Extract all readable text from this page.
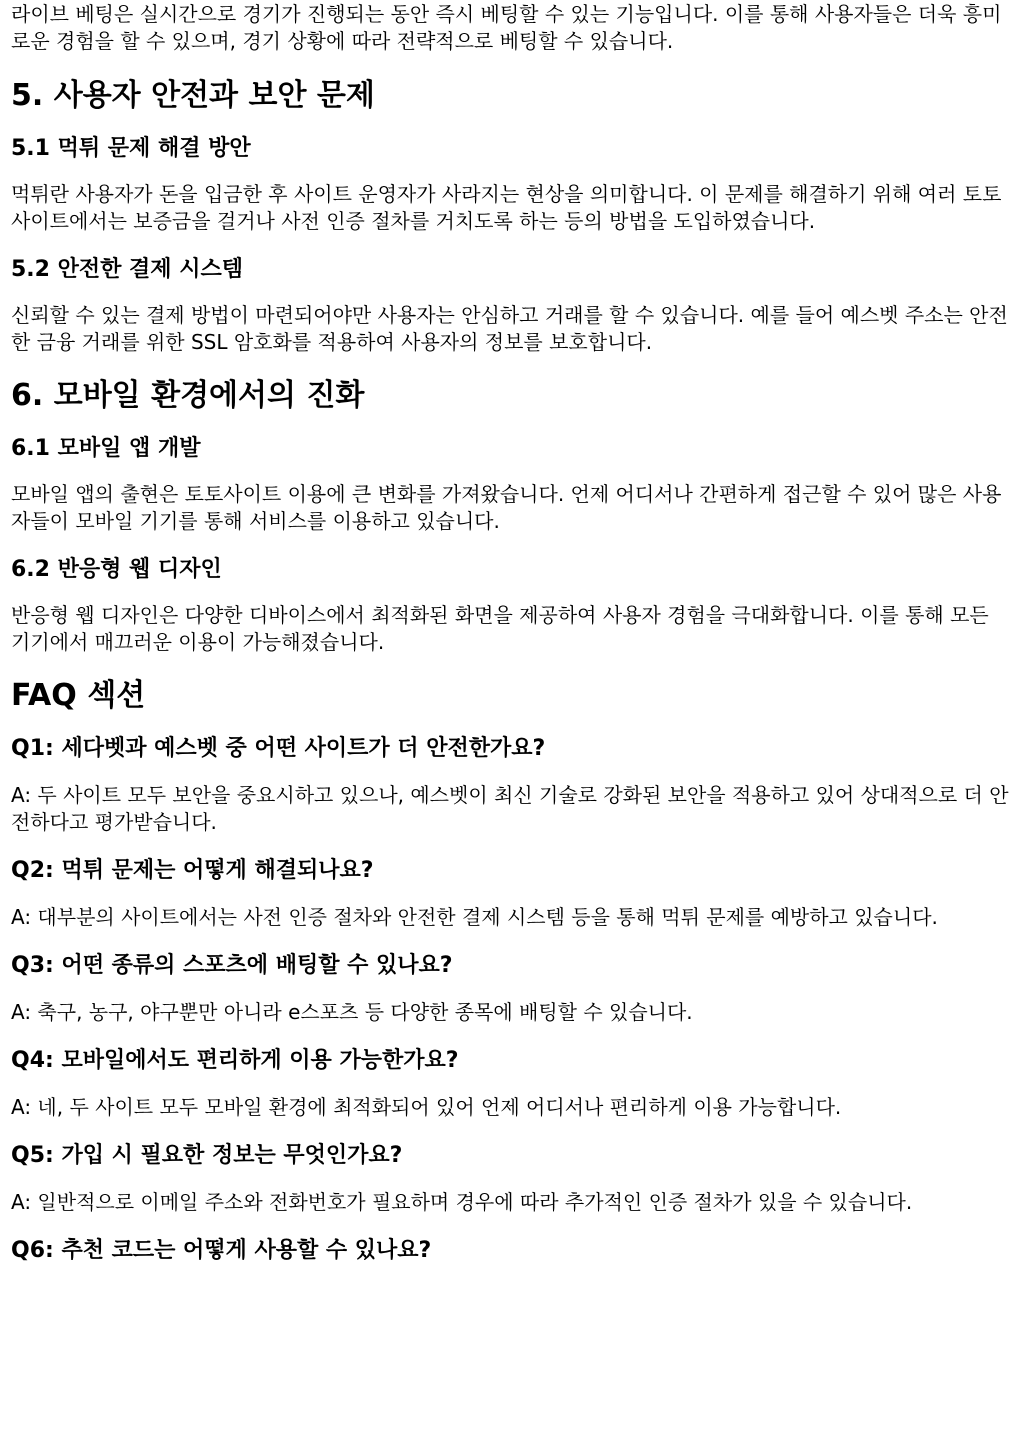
라이브 베팅은 실시간으로 경기가 진행되는 동안 즉시 베팅할 수 있는 기능입니다. 이를 통해 사용자들은 더욱 흥미로운 경험을 할 수 있으며, 경기 상황에 따라 전략적으로 베팅할 수 있습니다.

5. 사용자 안전과 보안 문제
5.1 먹튀 문제 해결 방안

먹튀란 사용자가 돈을 입금한 후 사이트 운영자가 사라지는 현상을 의미합니다. 이 문제를 해결하기 위해 여러 토토사이트에서는 보증금을 걸거나 사전 인증 절차를 거치도록 하는 등의 방법을 도입하였습니다.

5.2 안전한 결제 시스템

신뢰할 수 있는 결제 방법이 마련되어야만 사용자는 안심하고 거래를 할 수 있습니다. 예를 들어 예스벳 주소는 안전한 금융 거래를 위한 SSL 암호화를 적용하여 사용자의 정보를 보호합니다.

6. 모바일 환경에서의 진화
6.1 모바일 앱 개발

모바일 앱의 출현은 토토사이트 이용에 큰 변화를 가져왔습니다. 언제 어디서나 간편하게 접근할 수 있어 많은 사용자들이 모바일 기기를 통해 서비스를 이용하고 있습니다.

6.2 반응형 웹 디자인

반응형 웹 디자인은 다양한 디바이스에서 최적화된 화면을 제공하여 사용자 경험을 극대화합니다. 이를 통해 모든 기기에서 매끄러운 이용이 가능해졌습니다.

FAQ 섹션
Q1: 세다벳과 예스벳 중 어떤 사이트가 더 안전한가요?

A: 두 사이트 모두 보안을 중요시하고 있으나, 예스벳이 최신 기술로 강화된 보안을 적용하고 있어 상대적으로 더 안전하다고 평가받습니다.

Q2: 먹튀 문제는 어떻게 해결되나요?

A: 대부분의 사이트에서는 사전 인증 절차와 안전한 결제 시스템 등을 통해 먹튀 문제를 예방하고 있습니다.

Q3: 어떤 종류의 스포츠에 배팅할 수 있나요?

A: 축구, 농구, 야구뿐만 아니라 e스포츠 등 다양한 종목에 배팅할 수 있습니다.

Q4: 모바일에서도 편리하게 이용 가능한가요?

A: 네, 두 사이트 모두 모바일 환경에 최적화되어 있어 언제 어디서나 편리하게 이용 가능합니다.

Q5: 가입 시 필요한 정보는 무엇인가요?

A: 일반적으로 이메일 주소와 전화번호가 필요하며 경우에 따라 추가적인 인증 절차가 있을 수 있습니다.

Q6: 추천 코드는 어떻게 사용할 수 있나요?
